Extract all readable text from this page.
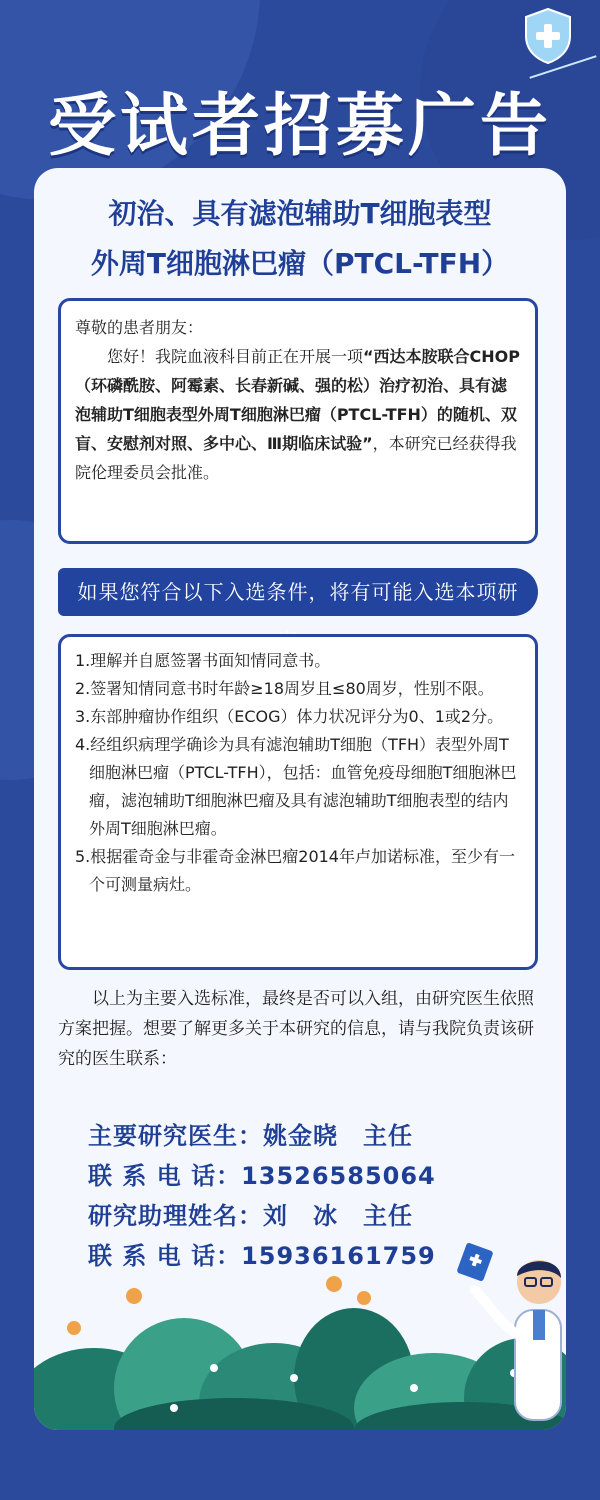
受试者招募广告
初治、具有滤泡辅助T细胞表型
外周T细胞淋巴瘤（PTCL-TFH）

尊敬的患者朋友：

您好！我院血液科目前正在开展一项“西达本胺联合CHOP（环磷酰胺、阿霉素、长春新碱、强的松）治疗初治、具有滤泡辅助T细胞表型外周T细胞淋巴瘤（PTCL-TFH）的随机、双盲、安慰剂对照、多中心、Ⅲ期临床试验”，本研究已经获得我院伦理委员会批准。

如果您符合以下入选条件，将有可能入选本项研
1.理解并自愿签署书面知情同意书。
2.签署知情同意书时年龄≥18周岁且≤80周岁，性别不限。
3.东部肿瘤协作组织（ECOG）体力状况评分为0、1或2分。
4.经组织病理学确诊为具有滤泡辅助T细胞（TFH）表型外周T细胞淋巴瘤（PTCL-TFH），包括：血管免疫母细胞T细胞淋巴瘤，滤泡辅助T细胞淋巴瘤及具有滤泡辅助T细胞表型的结内外周T细胞淋巴瘤。
5.根据霍奇金与非霍奇金淋巴瘤2014年卢加诺标准，至少有一个可测量病灶。

以上为主要入选标准，最终是否可以入组，由研究医生依照方案把握。想要了解更多关于本研究的信息，请与我院负责该研究的医生联系：

主要研究医生：姚金晓　主任
联 系 电 话：13526585064
研究助理姓名：刘　冰　主任
联 系 电 话：15936161759
